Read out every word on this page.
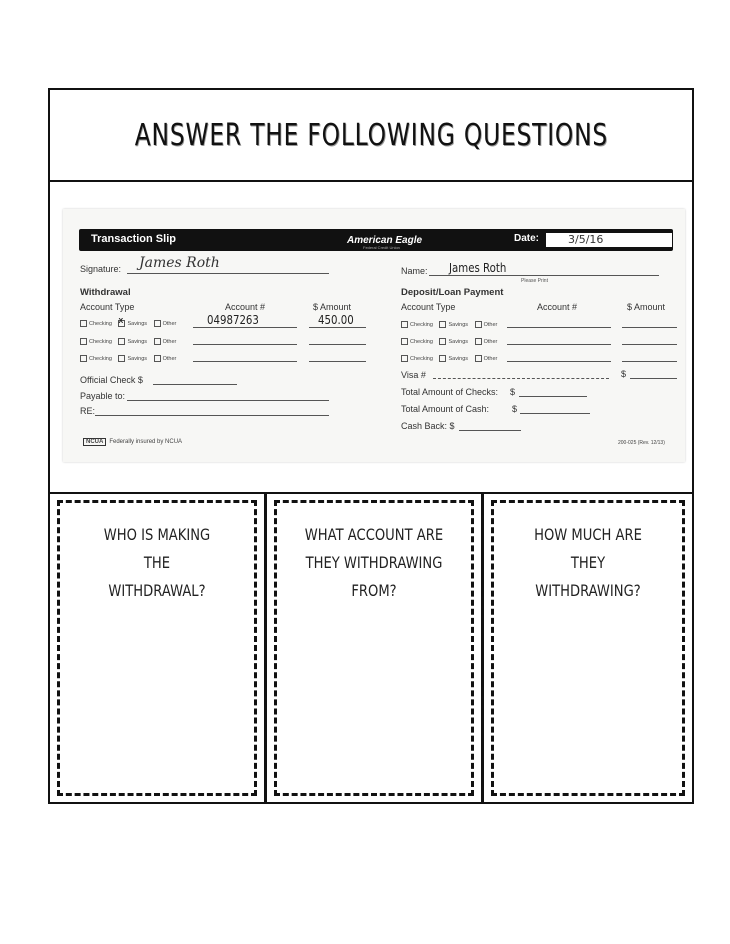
ANSWER THE FOLLOWING QUESTIONS
Transaction Slip	American Eagle
Federal Credit Union
Date:	3/5/16
Signature: James Roth	Name: James Roth
Please Print
Withdrawal
Account Type	Account #	$ Amount
Checking X	Savings	Other	04987263	450.00
Checking	Savings	Other
Checking	Savings	Other
Official Check $
Payable to:
RE:
Deposit/Loan Payment
Account Type	Account #	$ Amount
Checking	Savings	Other
Checking	Savings	Other
Checking	Savings	Other
Visa #	$
Total Amount of Checks: $
Total Amount of Cash:	$
Cash Back: $
NCUA Federally insured by NCUA	200-025 (Rev. 12/13)
WHO IS MAKING THE WITHDRAWAL?
WHAT ACCOUNT ARE THEY WITHDRAWING FROM?
HOW MUCH ARE THEY WITHDRAWING?
